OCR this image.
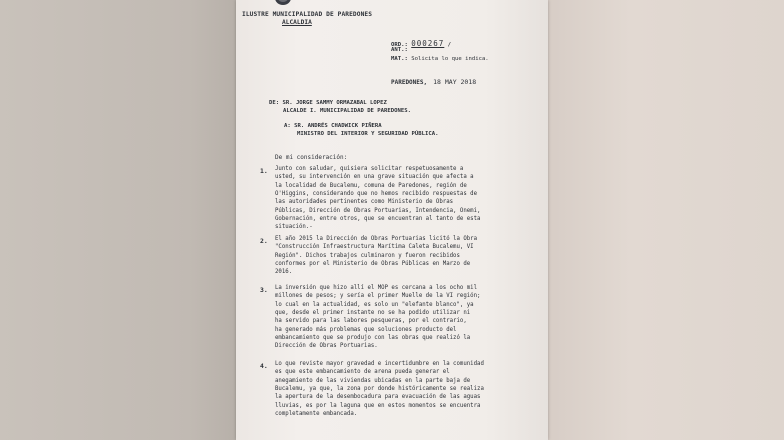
ILUSTRE MUNICIPALIDAD DE PAREDONES
ALCALDIA
ORD.: 000267 /
ANT.:
MAT.: Solicita lo que indica.
PAREDONES, 18 MAY 2018
DE: SR. JORGE SAMMY ORMAZABAL LOPEZ
ALCALDE I. MUNICIPALIDAD DE PAREDONES.
A: SR. ANDRÉS CHADWICK PIÑERA
MINISTRO DEL INTERIOR Y SEGURIDAD PÚBLICA.
De mi consideración:
1. Junto con saludar, quisiera solicitar respetuosamente a
usted, su intervención en una grave situación que afecta a
la localidad de Bucalemu, comuna de Paredones, región de
O'Higgins, considerando que no hemos recibido respuestas de
las autoridades pertinentes como Ministerio de Obras
Públicas, Dirección de Obras Portuarias, Intendencia, Onemi,
Gobernación, entre otros, que se encuentran al tanto de esta
situación.-
2. El año 2015 la Dirección de Obras Portuarias licitó la Obra
"Construcción Infraestructura Marítima Caleta Bucalemu, VI
Región". Dichos trabajos culminaron y fueron recibidos
conformes por el Ministerio de Obras Públicas en Marzo de
2016.
3. La inversión que hizo allí el MOP es cercana a los ocho mil
millones de pesos; y sería el primer Muelle de la VI región;
lo cual en la actualidad, es solo un "elefante blanco", ya
que, desde el primer instante no se ha podido utilizar ni
ha servido para las labores pesqueras, por el contrario,
ha generado más problemas que soluciones producto del
embancamiento que se produjo con las obras que realizó la
Dirección de Obras Portuarias.
4. Lo que reviste mayor gravedad e incertidumbre en la comunidad
es que este embancamiento de arena pueda generar el
anegamiento de las viviendas ubicadas en la parte baja de
Bucalemu, ya que, la zona por donde históricamente se realiza
la apertura de la desembocadura para evacuación de las aguas
lluvias, es por la laguna que en estos momentos se encuentra
completamente embancada.
